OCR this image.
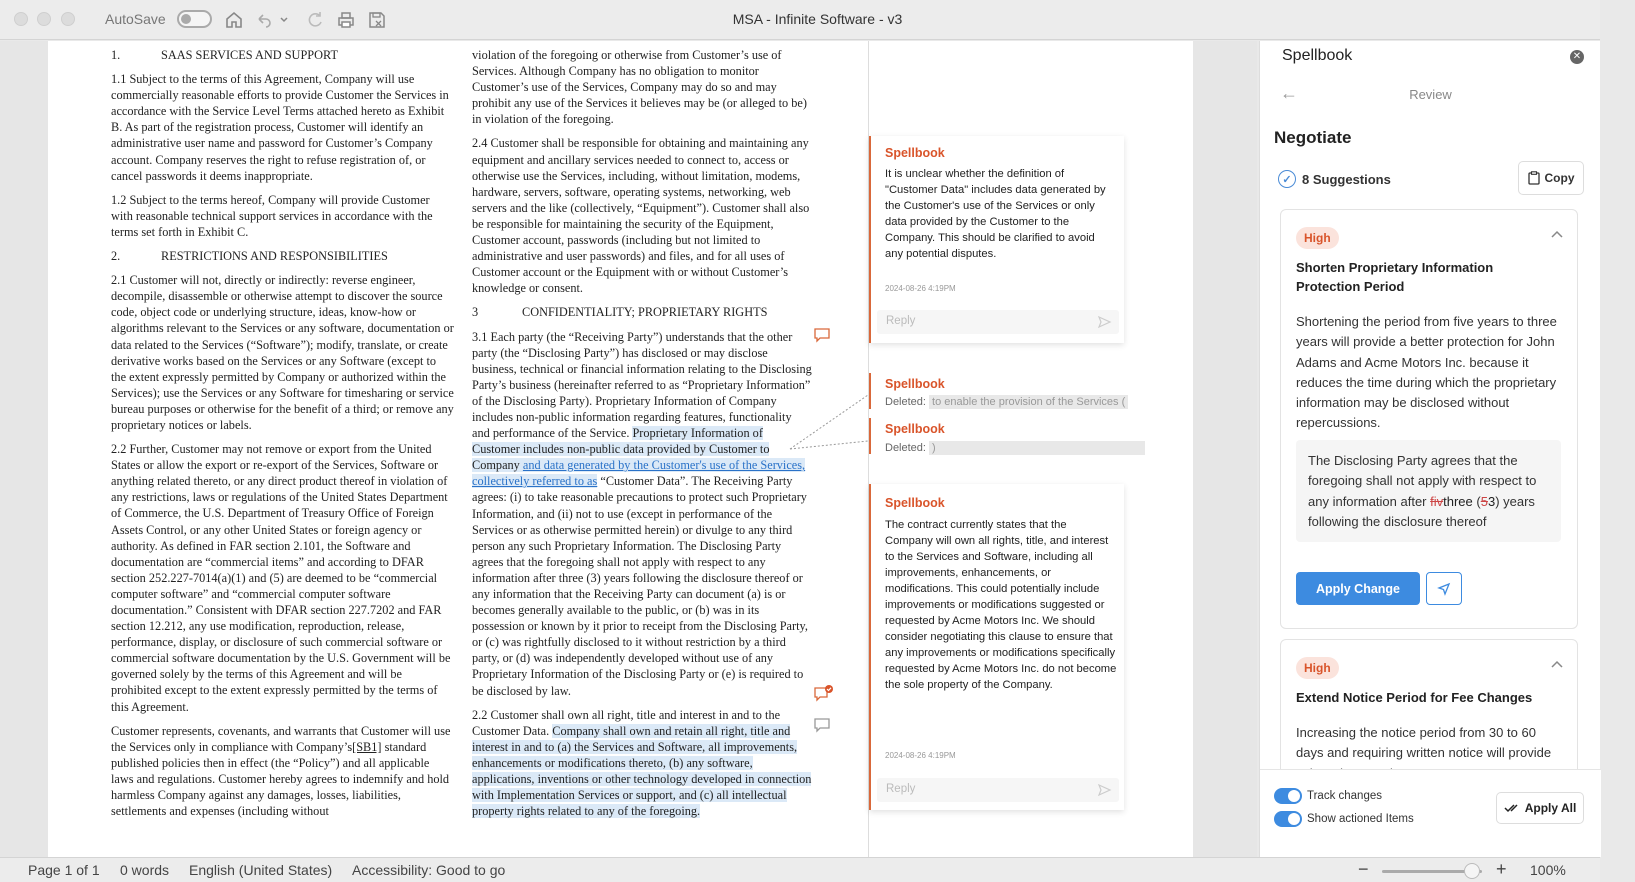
AutoSave	MSA - Infinite Software - v3
1.	SAAS SERVICES AND SUPPORT

1.1 Subject to the terms of this Agreement, Company will use commercially reasonable efforts to provide Customer the Services in accordance with the Service Level Terms attached hereto as Exhibit B. As part of the registration process, Customer will identify an administrative user name and password for Customer’s Company account. Company reserves the right to refuse registration of, or cancel passwords it deems inappropriate.

1.2 Subject to the terms hereof, Company will provide Customer with reasonable technical support services in accordance with the terms set forth in Exhibit C.

2.	RESTRICTIONS AND RESPONSIBILITIES

2.1 Customer will not, directly or indirectly: reverse engineer, decompile, disassemble or otherwise attempt to discover the source code, object code or underlying structure, ideas, know-how or algorithms relevant to the Services or any software, documentation or data related to the Services (“Software”); modify, translate, or create derivative works based on the Services or any Software (except to the extent expressly permitted by Company or authorized within the Services); use the Services or any Software for timesharing or service bureau purposes or otherwise for the benefit of a third; or remove any proprietary notices or labels.

2.2 Further, Customer may not remove or export from the United States or allow the export or re-export of the Services, Software or anything related thereto, or any direct product thereof in violation of any restrictions, laws or regulations of the United States Department of Commerce, the U.S. Department of Treasury Office of Foreign Assets Control, or any other United States or foreign agency or authority. As defined in FAR section 2.101, the Software and documentation are “commercial items” and according to DFAR section 252.227-7014(a)(1) and (5) are deemed to be “commercial computer software” and “commercial computer software documentation.” Consistent with DFAR section 227.7202 and FAR section 12.212, any use modification, reproduction, release, performance, display, or disclosure of such commercial software or commercial software documentation by the U.S. Government will be governed solely by the terms of this Agreement and will be prohibited except to the extent expressly permitted by the terms of this Agreement.

Customer represents, covenants, and warrants that Customer will use the Services only in compliance with Company’s[SB1] standard published policies then in effect (the “Policy”) and all applicable laws and regulations. Customer hereby agrees to indemnify and hold harmless Company against any damages, losses, liabilities, settlements and expenses (including without

violation of the foregoing or otherwise from Customer’s use of Services. Although Company has no obligation to monitor Customer’s use of the Services, Company may do so and may prohibit any use of the Services it believes may be (or alleged to be) in violation of the foregoing.

2.4 Customer shall be responsible for obtaining and maintaining any equipment and ancillary services needed to connect to, access or otherwise use the Services, including, without limitation, modems, hardware, servers, software, operating systems, networking, web servers and the like (collectively, “Equipment”). Customer shall also be responsible for maintaining the security of the Equipment, Customer account, passwords (including but not limited to administrative and user passwords) and files, and for all uses of Customer account or the Equipment with or without Customer’s knowledge or consent.

3	CONFIDENTIALITY; PROPRIETARY RIGHTS

3.1 Each party (the “Receiving Party”) understands that the other party (the “Disclosing Party”) has disclosed or may disclose business, technical or financial information relating to the Disclosing Party’s business (hereinafter referred to as “Proprietary Information” of the Disclosing Party). Proprietary Information of Company includes non-public information regarding features, functionality and performance of the Service. Proprietary Information of Customer includes non-public data provided by Customer to Company and data generated by the Customer's use of the Services, collectively referred to as “Customer Data”. The Receiving Party agrees: (i) to take reasonable precautions to protect such Proprietary Information, and (ii) not to use (except in performance of the Services or as otherwise permitted herein) or divulge to any third person any such Proprietary Information. The Disclosing Party agrees that the foregoing shall not apply with respect to any information after three (3) years following the disclosure thereof or any information that the Receiving Party can document (a) is or becomes generally available to the public, or (b) was in its possession or known by it prior to receipt from the Disclosing Party, or (c) was rightfully disclosed to it without restriction by a third party, or (d) was independently developed without use of any Proprietary Information of the Disclosing Party or (e) is required to be disclosed by law.

2.2 Customer shall own all right, title and interest in and to the Customer Data. Company shall own and retain all right, title and interest in and to (a) the Services and Software, all improvements, enhancements or modifications thereto, (b) any software, applications, inventions or other technology developed in connection with Implementation Services or support, and (c) all intellectual property rights related to any of the foregoing.

Spellbook
It is unclear whether the definition of "Customer Data" includes data generated by the Customer's use of the Services or only data provided by the Customer to the Company. This should be clarified to avoid any potential disputes.
2024-08-26 4:19PM
Reply
Spellbook
Deleted: to enable the provision of the Services (
Spellbook
Deleted: )
Spellbook
The contract currently states that the Company will own all rights, title, and interest to the Services and Software, including all improvements, enhancements, or modifications. This could potentially include improvements or modifications suggested or requested by Acme Motors Inc. We should consider negotiating this clause to ensure that any improvements or modifications specifically requested by Acme Motors Inc. do not become the sole property of the Company.
2024-08-26 4:19PM
Reply
Spellbook	✕
←	Review
Negotiate
✓ 8 Suggestions	Copy
High
Shorten Proprietary Information Protection Period
Shortening the period from five years to three years will provide a better protection for John Adams and Acme Motors Inc. because it reduces the time during which the proprietary information may be disclosed without repercussions.
The Disclosing Party agrees that the foregoing shall not apply with respect to any information after fivthree (53) years following the disclosure thereof
Apply Change
High
Extend Notice Period for Fee Changes
Increasing the notice period from 30 to 60 days and requiring written notice will provide
Track changes
Show actioned Items
Apply All
Page 1 of 1 0 words English (United States) Accessibility: Good to go	−	+ 100%
